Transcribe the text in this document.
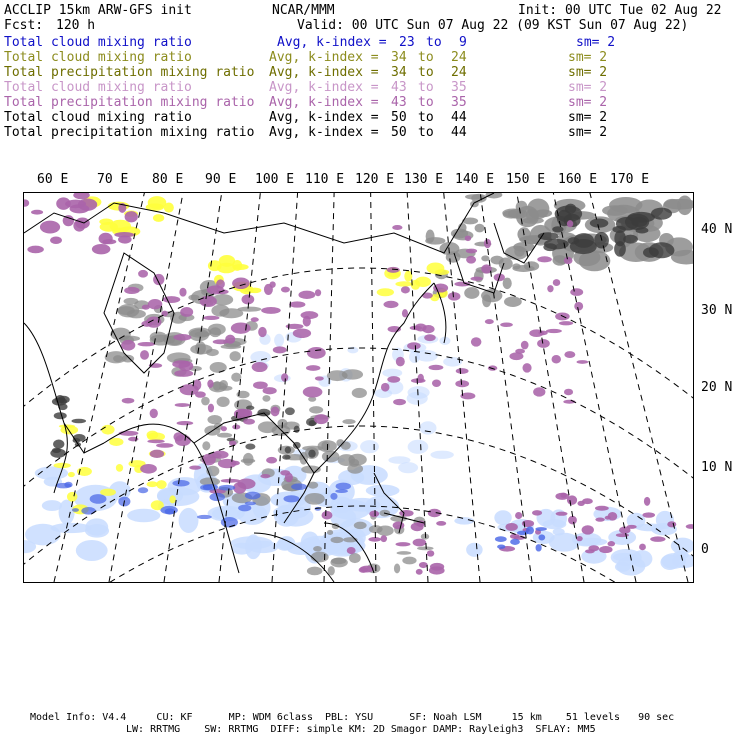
ACCLIP 15km ARW-GFS init	NCAR/MMM	Init: 00 UTC Tue 02 Aug 22
Fcst: 120 h	Valid: 00 UTC Sun 07 Aug 22 (09 KST Sun 07 Aug 22)
Total cloud mixing ratio	Avg, k-index = 23 to 9	sm= 2
Total cloud mixing ratio	Avg, k-index = 34 to 24	sm= 2
Total precipitation mixing ratio Avg, k-index = 34 to 24	sm= 2
Total cloud mixing ratio	Avg, k-index = 43 to 35	sm= 2
Total precipitation mixing ratio Avg, k-index = 43 to 35	sm= 2
Total cloud mixing ratio	Avg, k-index = 50 to 44	sm= 2
Total precipitation mixing ratio Avg, k-index = 50 to 44	sm= 2
60 E 70 E 80 E 90 E 100 E 110 E 120 E 130 E 140 E 150 E 160 E 170 E
40 N
30 N
20 N
10 N
0
Model Info: V4.4     CU: KF      MP: WDM 6class  PBL: YSU      SF: Noah LSM     15 km    51 levels   90 sec
LW: RRTMG    SW: RRTMG  DIFF: simple KM: 2D Smagor DAMP: Rayleigh3  SFLAY: MM5
